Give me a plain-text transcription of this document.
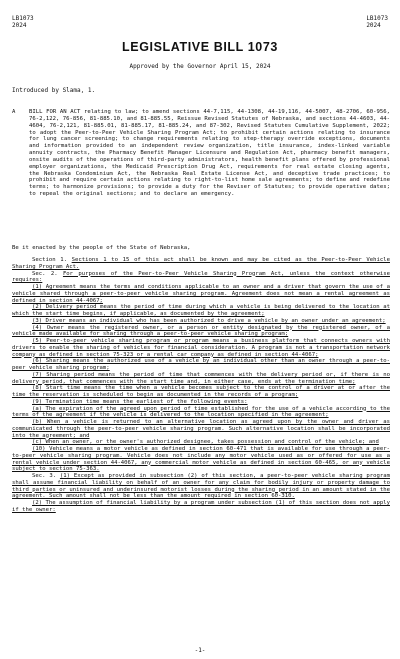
LB1073
2024
LB1073
2024
LEGISLATIVE BILL 1073
Approved by the Governor April 15, 2024
Introduced by Slama, 1.
A BILL FOR AN ACT relating to law; to amend sections 44-7,115, 44-1308, 44-19,116, 44-5007, 48-2706, 60-956, 76-2,122, 76-856, 81-885.10, and 81-885.55, Reissue Revised Statutes of Nebraska, and sections 44-4603, 44-4604, 76-2,121, 81-885.01, 81-885.17, 81-885.24, and 87-302, Revised Statutes Cumulative Supplement, 2022; to adopt the Peer-to-Peer Vehicle Sharing Program Act; to prohibit certain actions relating to insurance for lung cancer screening; to change requirements relating to step-therapy override exceptions, documents and information provided to an independent review organization, title insurance, index-linked variable annuity contracts, the Pharmacy Benefit Manager Licensure and Regulation Act, pharmacy benefit managers, onsite audits of the operations of third-party administrators, health benefit plans offered by professional employer organizations, the Medicaid Prescription Drug Act, requirements for real estate closing agents, the Nebraska Condominium Act, the Nebraska Real Estate License Act, and deceptive trade practices; to prohibit and require certain actions relating to right-to-list home sale agreements; to define and redefine terms; to harmonize provisions; to provide a duty for the Reviser of Statutes; to provide operative dates; to repeal the original sections; and to declare an emergency.
Be it enacted by the people of the State of Nebraska,

Section 1. Sections 1 to 15 of this act shall be known and may be cited as the Peer-to-Peer Vehicle Sharing Program Act.

Sec. 2. For purposes of the Peer-to-Peer Vehicle Sharing Program Act, unless the context otherwise requires:

(1) Agreement means the terms and conditions applicable to an owner and a driver that govern the use of a vehicle shared through a peer-to-peer vehicle sharing program. Agreement does not mean a rental agreement as defined in section 44-4067;

(2) Delivery period means the period of time during which a vehicle is being delivered to the location at which the start time begins, if applicable, as documented by the agreement;

(3) Driver means an individual who has been authorized to drive a vehicle by an owner under an agreement;

(4) Owner means the registered owner, or a person or entity designated by the registered owner, of a vehicle made available for sharing through a peer-to-peer vehicle sharing program;

(5) Peer-to-peer vehicle sharing program or program means a business platform that connects owners with drivers to enable the sharing of vehicles for financial consideration. A program is not a transportation network company as defined in section 75-323 or a rental car company as defined in section 44-4067;

(6) Sharing means the authorized use of a vehicle by an individual other than an owner through a peer-to-peer vehicle sharing program;

(7) Sharing period means the period of time that commences with the delivery period or, if there is no delivery period, that commences with the start time and, in either case, ends at the termination time;

(8) Start time means the time when a vehicle becomes subject to the control of a driver at or after the time the reservation is scheduled to begin as documented in the records of a program;

(9) Termination time means the earliest of the following events:

(a) The expiration of the agreed upon period of time established for the use of a vehicle according to the terms of the agreement if the vehicle is delivered to the location specified in the agreement;

(b) When a vehicle is returned to an alternative location as agreed upon by the owner and driver as communicated through the peer-to-peer vehicle sharing program. Such alternative location shall be incorporated into the agreement; and

(c) When an owner, or the owner's authorized designee, takes possession and control of the vehicle; and

(10) Vehicle means a motor vehicle as defined in section 60-471 that is available for use through a peer-to-peer vehicle sharing program. Vehicle does not include any motor vehicle used as or offered for use as a rental vehicle under section 44-4067, any commercial motor vehicle as defined in section 60-465, or any vehicle subject to section 75-363.

Sec. 3. (1) Except as provided in subsection (2) of this section, a peer-to-peer vehicle sharing program shall assume financial liability on behalf of an owner for any claim for bodily injury or property damage to third parties or uninsured and underinsured motorist losses during the sharing period in an amount stated in the agreement. Such amount shall not be less than the amount required in section 60-310.

(2) The assumption of financial liability by a program under subsection (1) of this section does not apply if the owner:

-1-
